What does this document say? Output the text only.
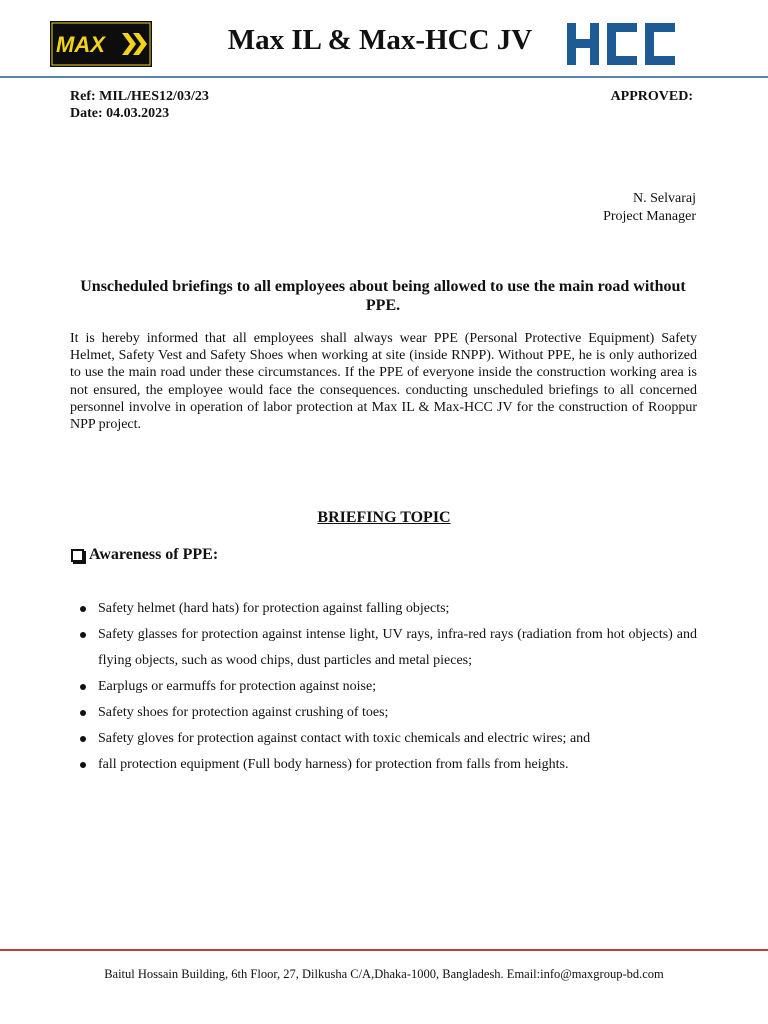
MAX	Max IL & Max-HCC JV
Ref: MIL/HES12/03/23
Date: 04.03.2023
APPROVED:
N. Selvaraj
Project Manager
Unscheduled briefings to all employees about being allowed to use the main road without PPE.
It is hereby informed that all employees shall always wear PPE (Personal Protective Equipment) Safety Helmet, Safety Vest and Safety Shoes when working at site (inside RNPP). Without PPE, he is only authorized to use the main road under these circumstances. If the PPE of everyone inside the construction working area is not ensured, the employee would face the consequences. conducting unscheduled briefings to all concerned personnel involve in operation of labor protection at Max IL & Max-HCC JV for the construction of Rooppur NPP project.
BRIEFING TOPIC
Awareness of PPE:
Safety helmet (hard hats) for protection against falling objects;
Safety glasses for protection against intense light, UV rays, infra-red rays (radiation from hot objects) and flying objects, such as wood chips, dust particles and metal pieces;
Earplugs or earmuffs for protection against noise;
Safety shoes for protection against crushing of toes;
Safety gloves for protection against contact with toxic chemicals and electric wires; and
fall protection equipment (Full body harness) for protection from falls from heights.
Baitul Hossain Building, 6th Floor, 27, Dilkusha C/A,Dhaka-1000, Bangladesh. Email:info@maxgroup-bd.com
